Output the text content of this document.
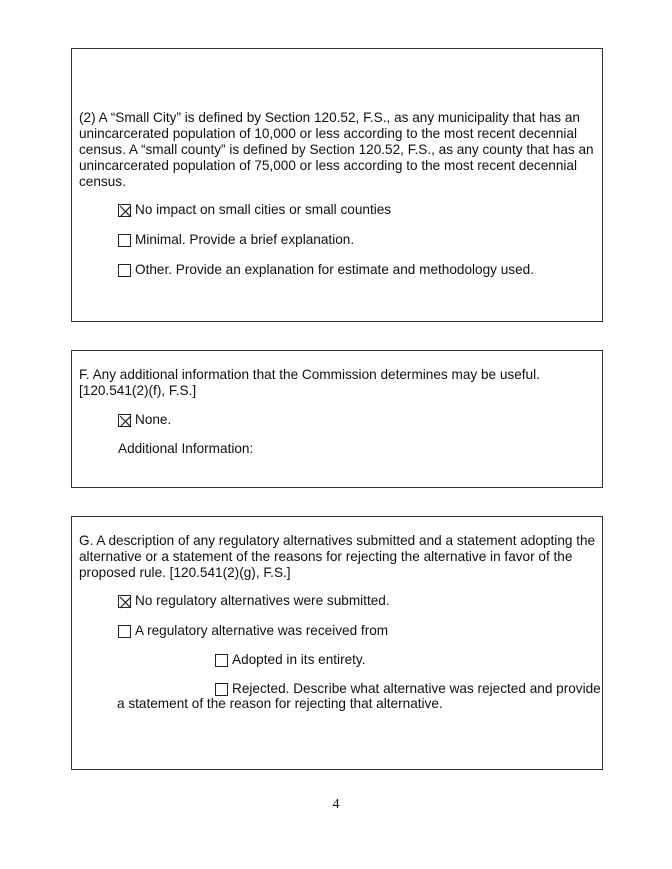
(2) A “Small City” is defined by Section 120.52, F.S., as any municipality that has an unincarcerated population of 10,000 or less according to the most recent decennial census. A “small county” is defined by Section 120.52, F.S., as any county that has an unincarcerated population of 75,000 or less according to the most recent decennial census.

No impact on small cities or small counties
Minimal. Provide a brief explanation.
Other. Provide an explanation for estimate and methodology used.

F. Any additional information that the Commission determines may be useful. [120.541(2)(f), F.S.]

None.
Additional Information:

G. A description of any regulatory alternatives submitted and a statement adopting the alternative or a statement of the reasons for rejecting the alternative in favor of the proposed rule. [120.541(2)(g), F.S.]

No regulatory alternatives were submitted.
A regulatory alternative was received from
Adopted in its entirety.
Rejected. Describe what alternative was rejected and provide
a statement of the reason for rejecting that alternative.
4
